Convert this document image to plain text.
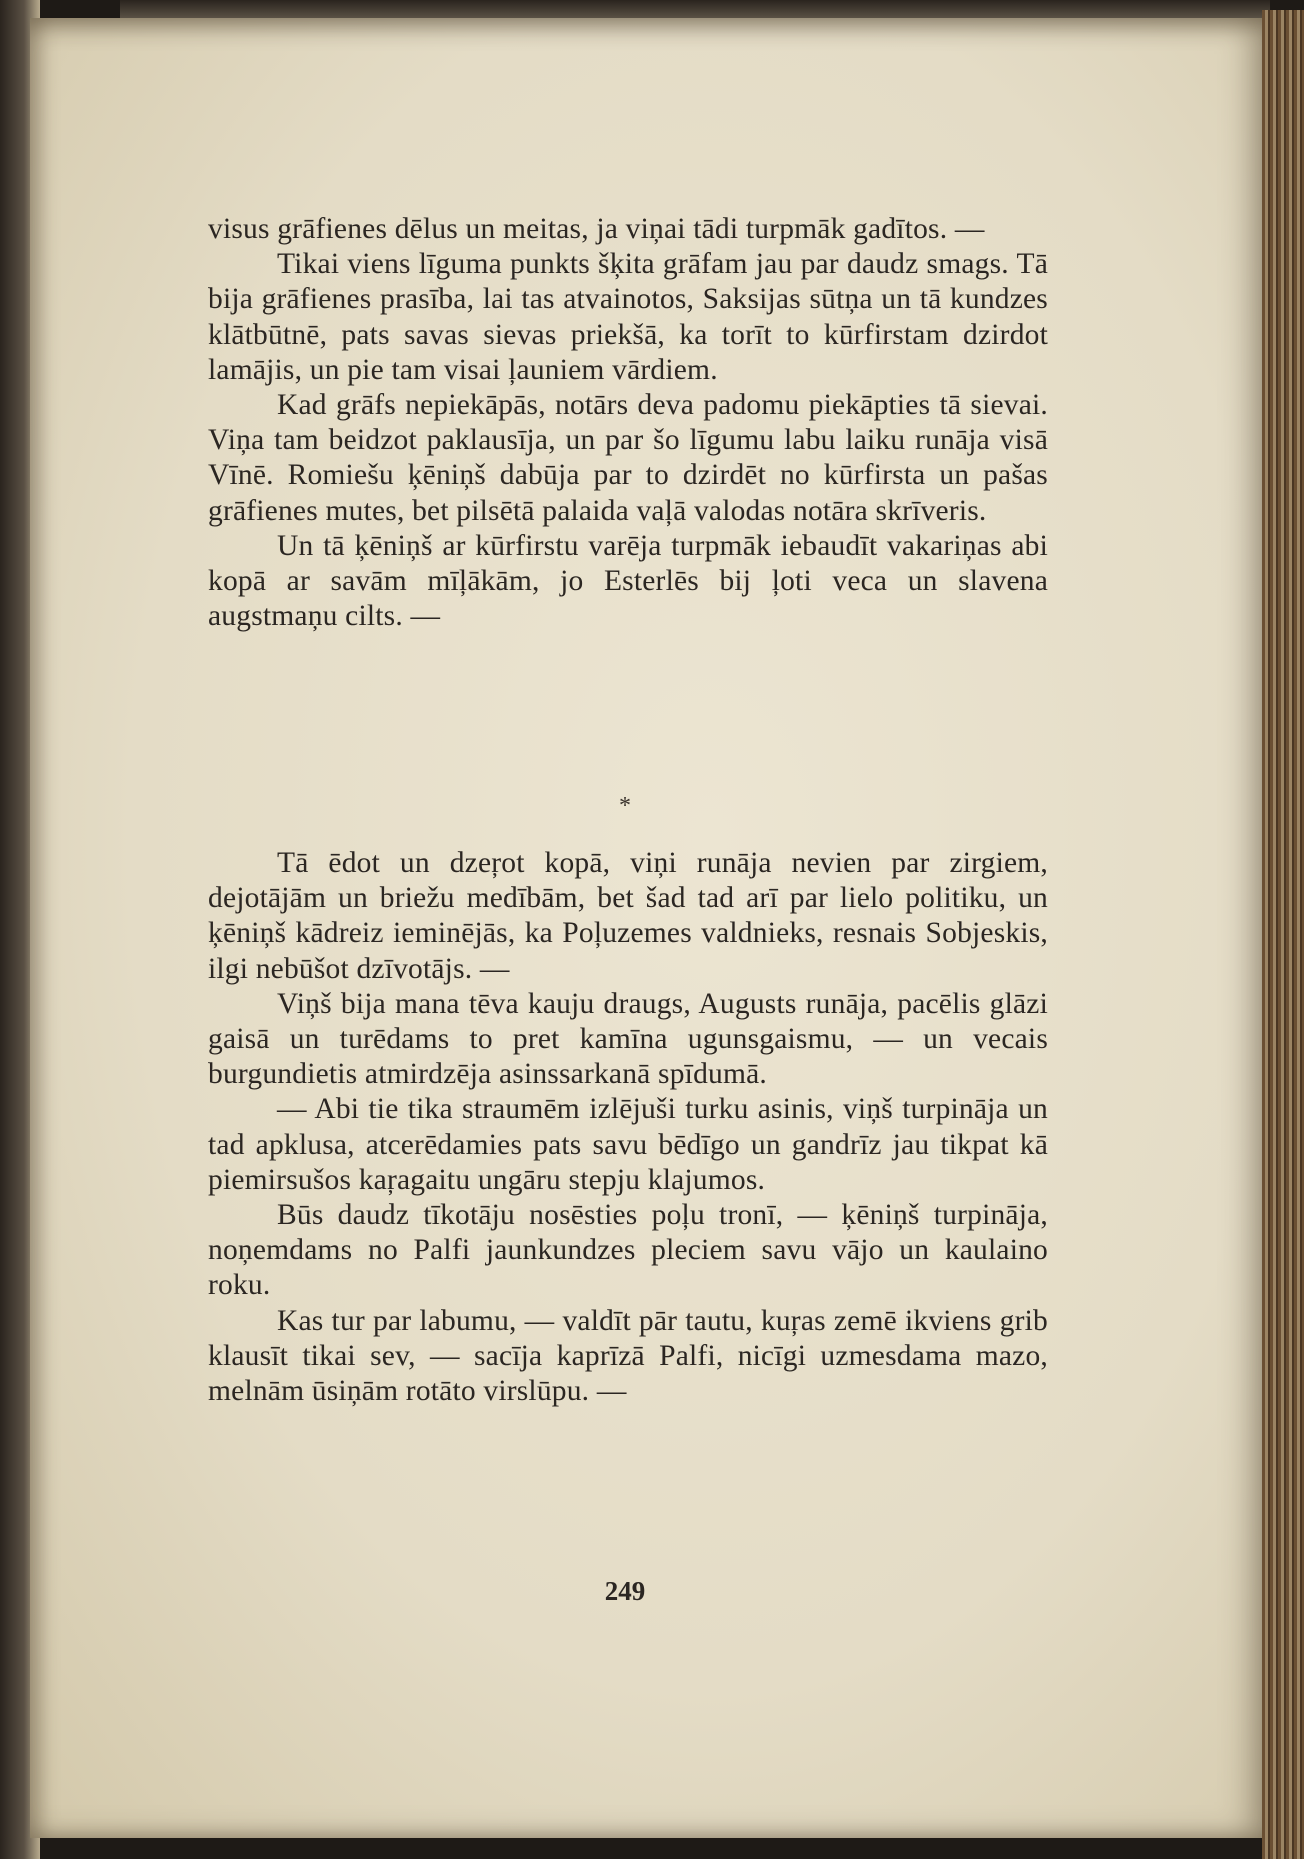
visus grāfienes dēlus un meitas, ja viņai tādi turpmāk gadītos. —

Tikai viens līguma punkts šķita grāfam jau par daudz smags. Tā bija grāfienes prasība, lai tas atvainotos, Saksijas sūtņa un tā kundzes klātbūtnē, pats savas sievas priekšā, ka torīt to kūrfirstam dzirdot lamājis, un pie tam visai ļauniem vārdiem.

Kad grāfs nepiekāpās, notārs deva padomu piekāpties tā sievai. Viņa tam beidzot paklausīja, un par šo līgumu labu laiku runāja visā Vīnē. Romiešu ķēniņš dabūja par to dzirdēt no kūrfirsta un pašas grāfienes mutes, bet pilsētā palaida vaļā valodas notāra skrīveris.

Un tā ķēniņš ar kūrfirstu varēja turpmāk iebaudīt vakariņas abi kopā ar savām mīļākām, jo Esterlēs bij ļoti veca un slavena augstmaņu cilts. —

*

Tā ēdot un dzeŗot kopā, viņi runāja nevien par zirgiem, dejotājām un briežu medībām, bet šad tad arī par lielo politiku, un ķēniņš kādreiz ieminējās, ka Poļuzemes valdnieks, resnais Sobjeskis, ilgi nebūšot dzīvotājs. —

Viņš bija mana tēva kauju draugs, Augusts runāja, pacēlis glāzi gaisā un turēdams to pret kamīna ugunsgaismu, — un vecais burgundietis atmirdzēja asinssarkanā spīdumā.

— Abi tie tika straumēm izlējuši turku asinis, viņš turpināja un tad apklusa, atcerēdamies pats savu bēdīgo un gandrīz jau tikpat kā piemirsušos kaŗagaitu ungāru stepju klajumos.

Būs daudz tīkotāju nosēsties poļu tronī, — ķēniņš turpināja, noņemdams no Palfi jaunkundzes pleciem savu vājo un kaulaino roku.

Kas tur par labumu, — valdīt pār tautu, kuŗas zemē ikviens grib klausīt tikai sev, — sacīja kaprīzā Palfi, nicīgi uzmesdama mazo, melnām ūsiņām rotāto virslūpu. —

249
